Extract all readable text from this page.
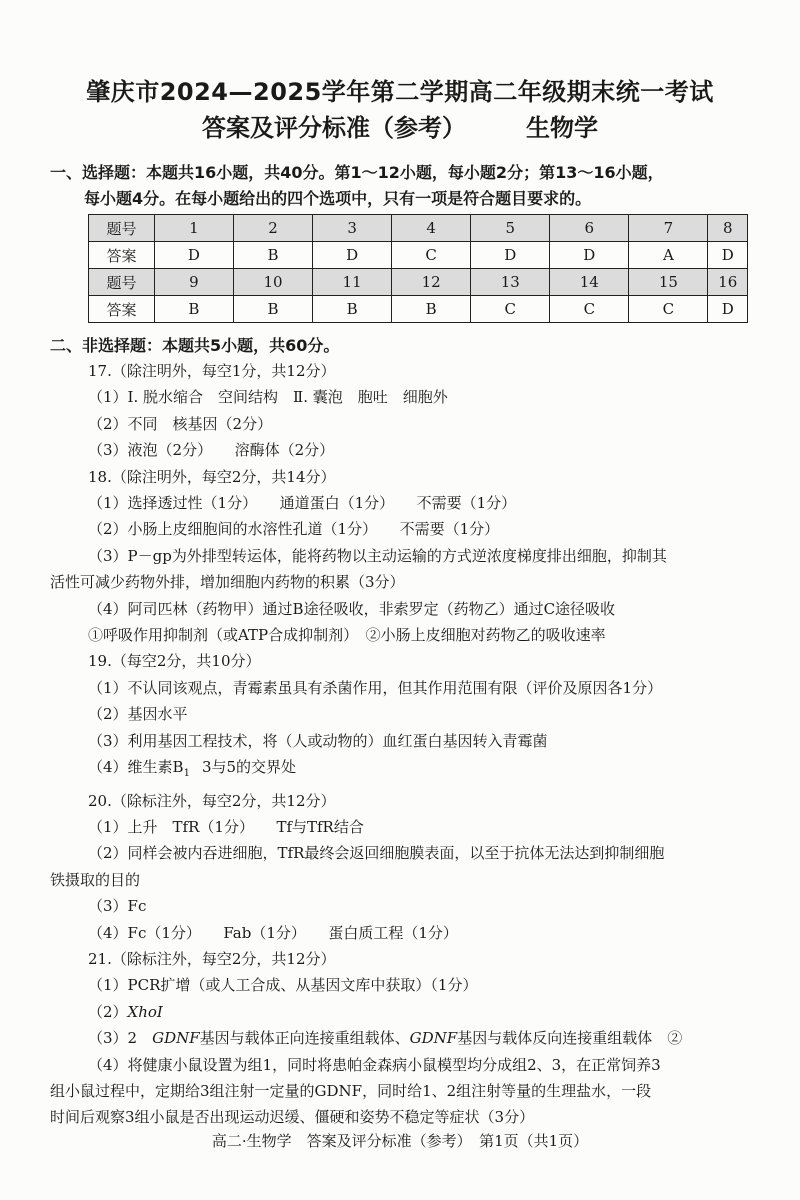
肇庆市2024—2025学年第二学期高二年级期末统一考试
答案及评分标准（参考）	生物学
一、选择题：本题共16小题，共40分。第1～12小题，每小题2分；第13～16小题，
每小题4分。在每小题给出的四个选项中，只有一项是符合题目要求的。
题号	1	2	3	4	5	6	7	8
答案	D	B	D	C	D	D	A	D
题号	9	10	11	12	13	14	15	16
答案	B	B	B	B	C	C	C	D
二、非选择题：本题共5小题，共60分。
17.（除注明外，每空1分，共12分）
（1）Ⅰ. 脱水缩合　空间结构　Ⅱ. 囊泡　胞吐　细胞外
（2）不同　核基因（2分）
（3）液泡（2分）　　溶酶体（2分）
18.（除注明外，每空2分，共14分）
（1）选择透过性（1分）　　通道蛋白（1分）　　不需要（1分）
（2）小肠上皮细胞间的水溶性孔道（1分）　　不需要（1分）
（3）P－gp为外排型转运体，能将药物以主动运输的方式逆浓度梯度排出细胞，抑制其
活性可减少药物外排，增加细胞内药物的积累（3分）
（4）阿司匹林（药物甲）通过B途径吸收，非索罗定（药物乙）通过C途径吸收
①呼吸作用抑制剂（或ATP合成抑制剂）　②小肠上皮细胞对药物乙的吸收速率
19.（每空2分，共10分）
（1）不认同该观点，青霉素虽具有杀菌作用，但其作用范围有限（评价及原因各1分）
（2）基因水平
（3）利用基因工程技术，将（人或动物的）血红蛋白基因转入青霉菌
（4）维生素$B_1$ 3与5的交界处
20.（除标注外，每空2分，共12分）
（1）上升　TfR（1分）　　Tf与TfR结合
（2）同样会被内吞进细胞，TfR最终会返回细胞膜表面，以至于抗体无法达到抑制细胞
铁摄取的目的
（3）Fc
（4）Fc（1分）　　Fab（1分）　　蛋白质工程（1分）
21.（除标注外，每空2分，共12分）
（1）PCR扩增（或人工合成、从基因文库中获取）（1分）
（2）XhoⅠ
（3）2　GDNF基因与载体正向连接重组载体、GDNF基因与载体反向连接重组载体　②
（4）将健康小鼠设置为组1，同时将患帕金森病小鼠模型均分成组2、3，在正常饲养3
组小鼠过程中，定期给3组注射一定量的GDNF，同时给1、2组注射等量的生理盐水，一段
时间后观察3组小鼠是否出现运动迟缓、僵硬和姿势不稳定等症状（3分）
高二·生物学　答案及评分标准（参考）　第1页（共1页）
